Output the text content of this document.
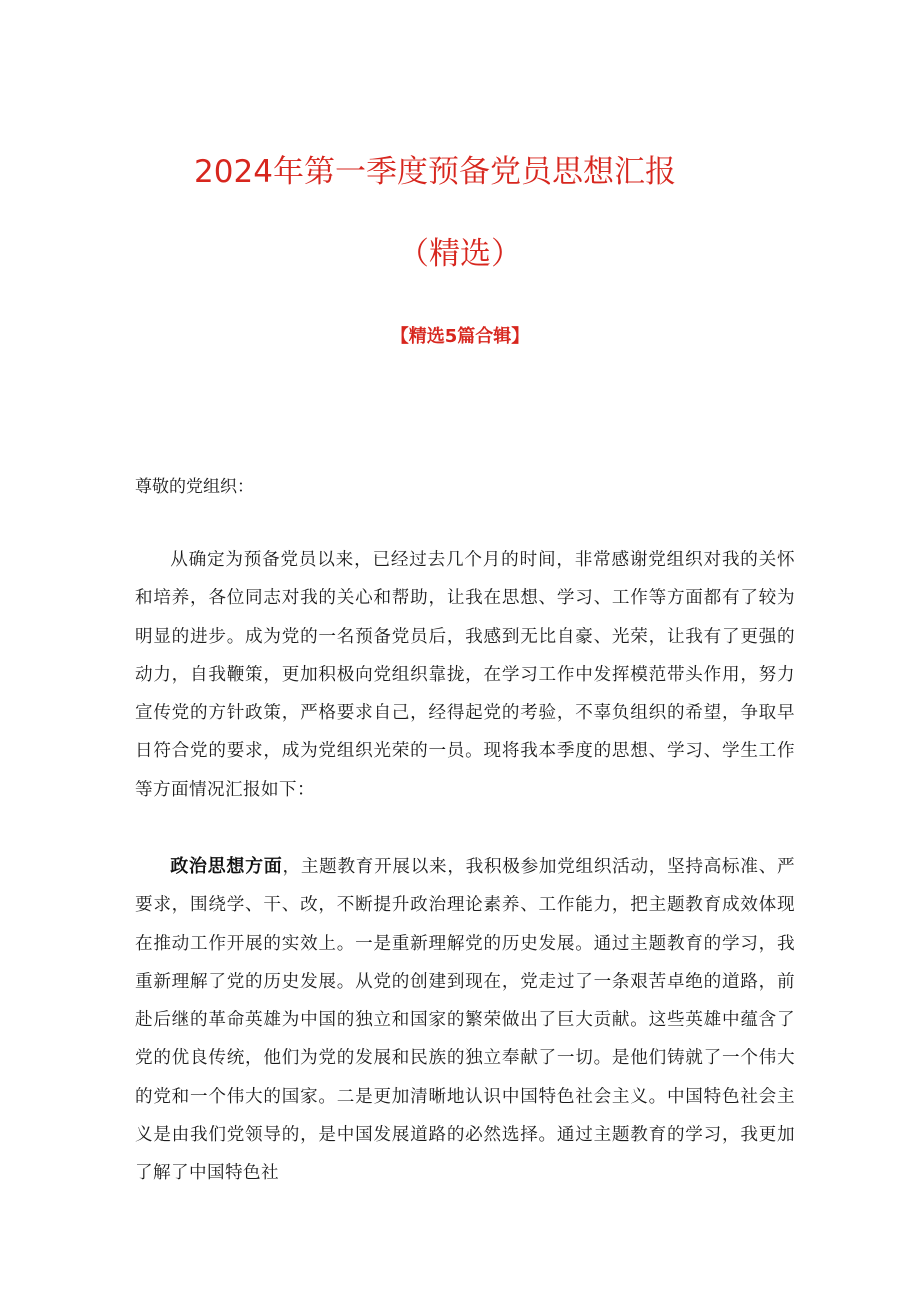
2024年第一季度预备党员思想汇报
（精选）
【精选5篇合辑】

尊敬的党组织：

从确定为预备党员以来，已经过去几个月的时间，非常感谢党组织对我的关怀和培养，各位同志对我的关心和帮助，让我在思想、学习、工作等方面都有了较为明显的进步。成为党的一名预备党员后，我感到无比自豪、光荣，让我有了更强的动力，自我鞭策，更加积极向党组织靠拢，在学习工作中发挥模范带头作用，努力宣传党的方针政策，严格要求自己，经得起党的考验，不辜负组织的希望，争取早日符合党的要求，成为党组织光荣的一员。现将我本季度的思想、学习、学生工作等方面情况汇报如下：

政治思想方面，主题教育开展以来，我积极参加党组织活动，坚持高标准、严要求，围绕学、干、改，不断提升政治理论素养、工作能力，把主题教育成效体现在推动工作开展的实效上。一是重新理解党的历史发展。通过主题教育的学习，我重新理解了党的历史发展。从党的创建到现在，党走过了一条艰苦卓绝的道路，前赴后继的革命英雄为中国的独立和国家的繁荣做出了巨大贡献。这些英雄中蕴含了党的优良传统，他们为党的发展和民族的独立奉献了一切。是他们铸就了一个伟大的党和一个伟大的国家。二是更加清晰地认识中国特色社会主义。中国特色社会主义是由我们党领导的，是中国发展道路的必然选择。通过主题教育的学习，我更加了解了中国特色社
